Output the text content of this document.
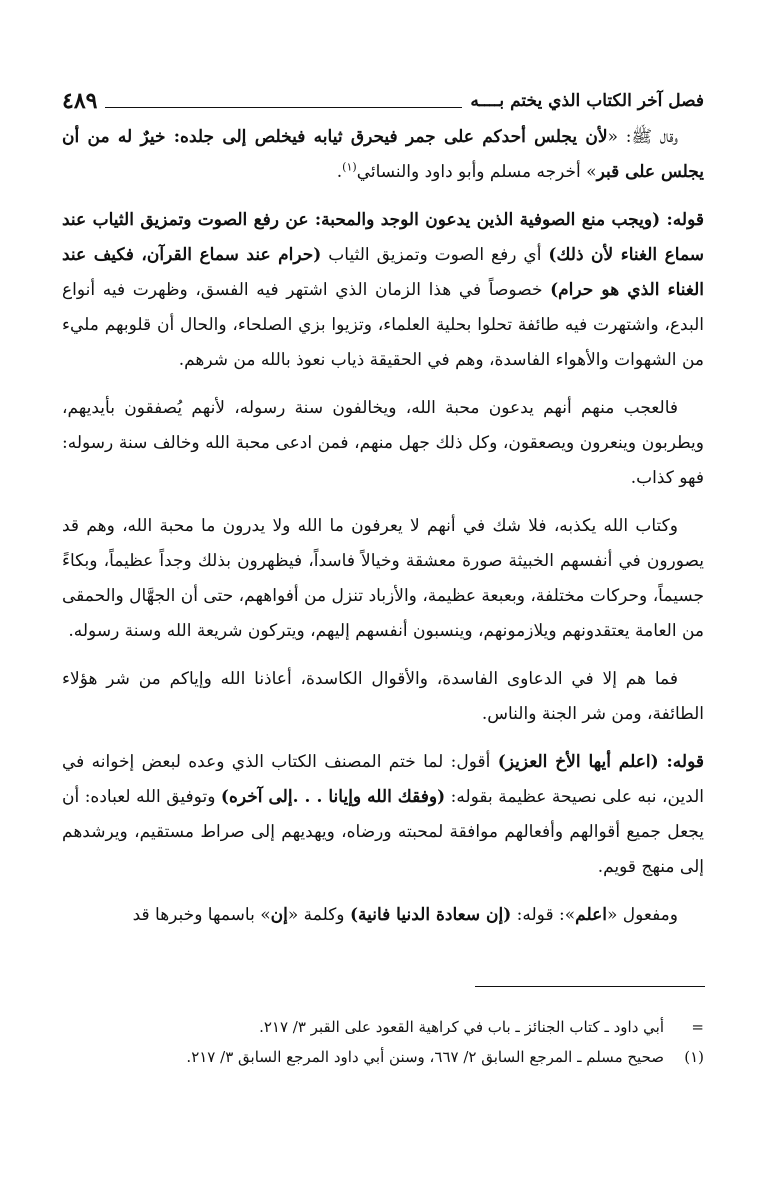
٤٨٩	فصل آخر الكتاب الذي يختم بــــه

وقال ﷺ: «لأن يجلس أحدكم على جمر فيحرق ثيابه فيخلص إلى جلده: خيرٌ له من أن يجلس على قبر» أخرجه مسلم وأبو داود والنسائي$^{(١)}$.

قوله: (ويجب منع الصوفية الذين يدعون الوجد والمحبة: عن رفع الصوت وتمزيق الثياب عند سماع الغناء لأن ذلك) أي رفع الصوت وتمزيق الثياب (حرام عند سماع القرآن، فكيف عند الغناء الذي هو حرام) خصوصاً في هذا الزمان الذي اشتهر فيه الفسق، وظهرت فيه أنواع البدع، واشتهرت فيه طائفة تحلوا بحلية العلماء، وتزيوا بزي الصلحاء، والحال أن قلوبهم مليء من الشهوات والأهواء الفاسدة، وهم في الحقيقة ذياب نعوذ بالله من شرهم.

فالعجب منهم أنهم يدعون محبة الله، ويخالفون سنة رسوله، لأنهم يُصفقون بأيديهم، ويطربون وينعرون ويصعقون، وكل ذلك جهل منهم، فمن ادعى محبة الله وخالف سنة رسوله: فهو كذاب.

وكتاب الله يكذبه، فلا شك في أنهم لا يعرفون ما الله ولا يدرون ما محبة الله، وهم قد يصورون في أنفسهم الخبيثة صورة معشقة وخيالاً فاسداً، فيظهرون بذلك وجداً عظيماً، وبكاءً جسيماً، وحركات مختلفة، وبعبعة عظيمة، والأزباد تنزل من أفواههم، حتى أن الجهَّال والحمقى من العامة يعتقدونهم ويلازمونهم، وينسبون أنفسهم إليهم، ويتركون شريعة الله وسنة رسوله.

فما هم إلا في الدعاوى الفاسدة، والأقوال الكاسدة، أعاذنا الله وإياكم من شر هؤلاء الطائفة، ومن شر الجنة والناس.

قوله: (اعلم أيها الأخ العزيز) أقول: لما ختم المصنف الكتاب الذي وعده لبعض إخوانه في الدين، نبه على نصيحة عظيمة بقوله: (وفقك الله وإيانا . . .إلى آخره) وتوفيق الله لعباده: أن يجعل جميع أقوالهم وأفعالهم موافقة لمحبته ورضاه، ويهديهم إلى صراط مستقيم، ويرشدهم إلى منهج قويم.

ومفعول «اعلم»: قوله: (إن سعادة الدنيا فانية) وكلمة «إن» باسمها وخبرها قد

=
أبي داود ـ كتاب الجنائز ـ باب في كراهية القعود على القبر ٣/ ٢١٧.
(١)
صحيح مسلم ـ المرجع السابق ٢/ ٦٦٧، وسنن أبي داود المرجع السابق ٣/ ٢١٧.
